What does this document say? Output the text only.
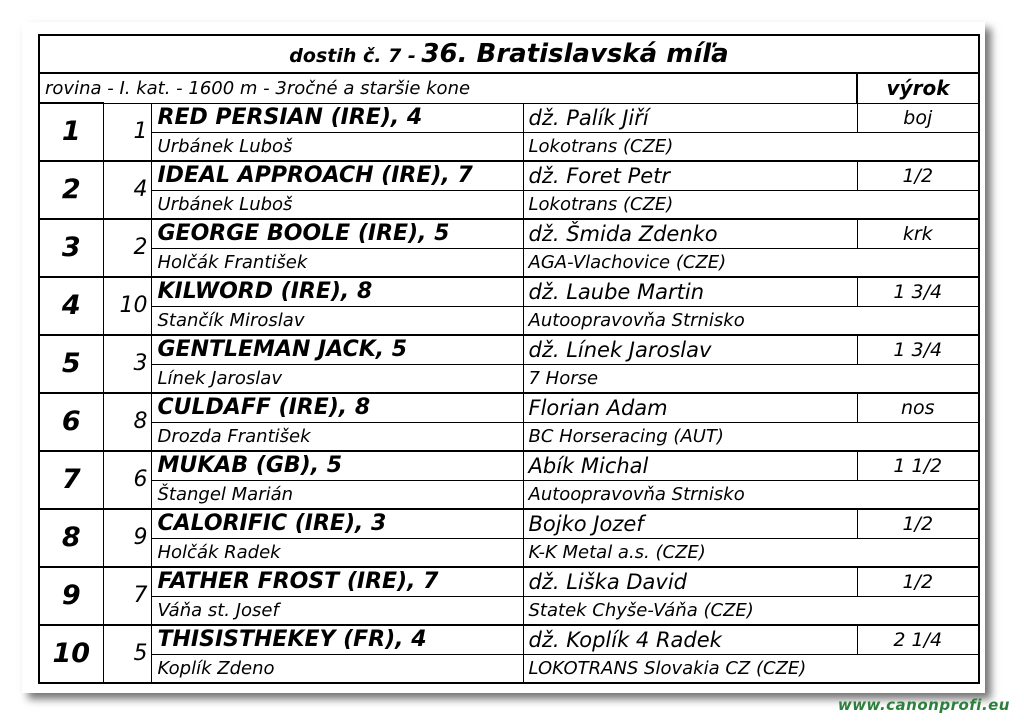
dostih č. 7 - 36. Bratislavská míľa				
rovina - I. kat. - 1600 m - 3ročné a staršie kone				výrok
1	1	RED PERSIAN (IRE), 4	dž. Palík Jiří	boj
		Urbánek Luboš	Lokotrans (CZE)	
2	4	IDEAL APPROACH (IRE), 7	dž. Foret Petr	1/2
		Urbánek Luboš	Lokotrans (CZE)	
3	2	GEORGE BOOLE (IRE), 5	dž. Šmida Zdenko	krk
		Holčák František	AGA-Vlachovice (CZE)	
4	10	KILWORD (IRE), 8	dž. Laube Martin	1 3/4
		Stančík Miroslav	Autoopravovňa Strnisko	
5	3	GENTLEMAN JACK, 5	dž. Línek Jaroslav	1 3/4
		Línek Jaroslav	7 Horse	
6	8	CULDAFF (IRE), 8	Florian Adam	nos
		Drozda František	BC Horseracing (AUT)	
7	6	MUKAB (GB), 5	Abík Michal	1 1/2
		Štangel Marián	Autoopravovňa Strnisko	
8	9	CALORIFIC (IRE), 3	Bojko Jozef	1/2
		Holčák Radek	K-K Metal a.s. (CZE)	
9	7	FATHER FROST (IRE), 7	dž. Liška David	1/2
		Váňa st. Josef	Statek Chyše-Váňa (CZE)	
10	5	THISISTHEKEY (FR), 4	dž. Koplík 4 Radek	2 1/4
		Koplík Zdeno	LOKOTRANS Slovakia CZ (CZE)	
www.canonprofi.eu
